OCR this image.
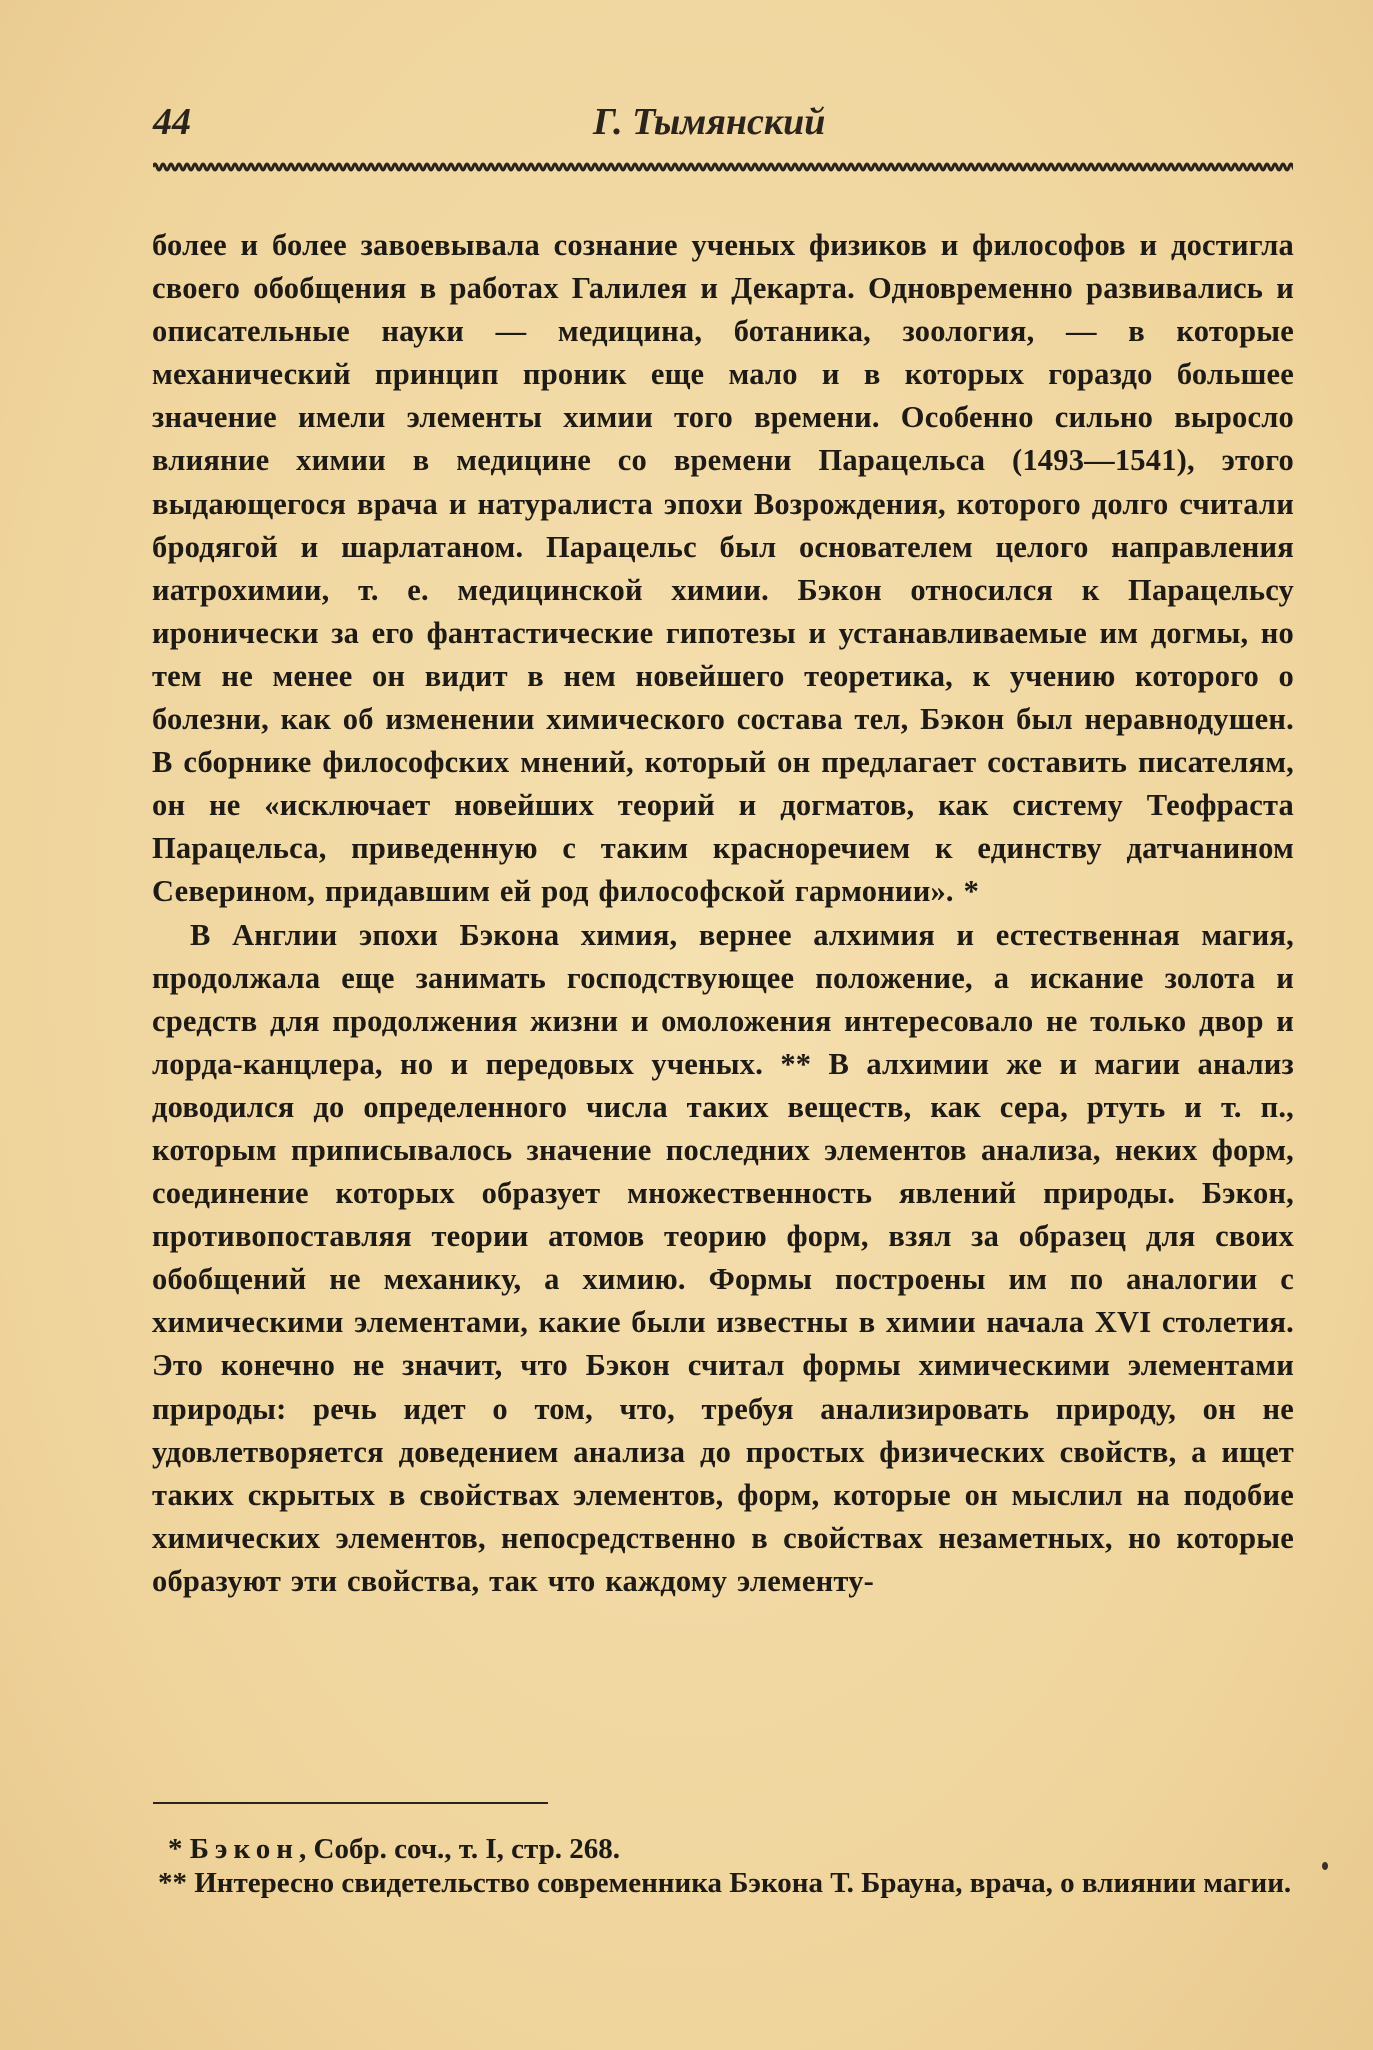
44	Г. Тымянский

более и более завоевывала сознание ученых физиков и философов и достигла своего обобщения в работах Галилея и Декарта. Одновременно развивались и описательные науки — медицина, ботаника, зоология, — в которые механический принцип проник еще мало и в которых гораздо большее значение имели элементы химии того времени. Особенно сильно выросло влияние химии в медицине со времени Парацельса (1493—1541), этого выдающегося врача и натуралиста эпохи Возрождения, которого долго считали бродягой и шарлатаном. Парацельс был основателем целого направления иатрохимии, т. е. медицинской химии. Бэкон относился к Парацельсу иронически за его фантастические гипотезы и устанавливаемые им догмы, но тем не менее он видит в нем новейшего теоретика, к учению которого о болезни, как об изменении химического состава тел, Бэкон был неравнодушен. В сборнике философских мнений, который он предлагает составить писателям, он не «исключает новейших теорий и догматов, как систему Теофраста Парацельса, приведенную с таким красноречием к единству датчанином Северином, придавшим ей род философской гармонии». *

В Англии эпохи Бэкона химия, вернее алхимия и естественная магия, продолжала еще занимать господствующее положение, а искание золота и средств для продолжения жизни и омоложения интересовало не только двор и лорда-канцлера, но и передовых ученых. ** В алхимии же и магии анализ доводился до определенного числа таких веществ, как сера, ртуть и т. п., которым приписывалось значение последних элементов анализа, неких форм, соединение которых образует множественность явлений природы. Бэкон, противопоставляя теории атомов теорию форм, взял за образец для своих обобщений не механику, а химию. Формы построены им по аналогии с химическими элементами, какие были известны в химии начала XVI столетия. Это конечно не значит, что Бэкон считал формы химическими элементами природы: речь идет о том, что, требуя анализировать природу, он не удовлетворяется доведением анализа до простых физических свойств, а ищет таких скрытых в свойствах элементов, форм, которые он мыслил на подобие химических элементов, непосредственно в свойствах незаметных, но которые образуют эти свойства, так что каждому элементу-

* Бэкон, Собр. соч., т. I, стр. 268.

** Интересно свидетельство современника Бэкона Т. Брауна, врача, о влиянии магии.
